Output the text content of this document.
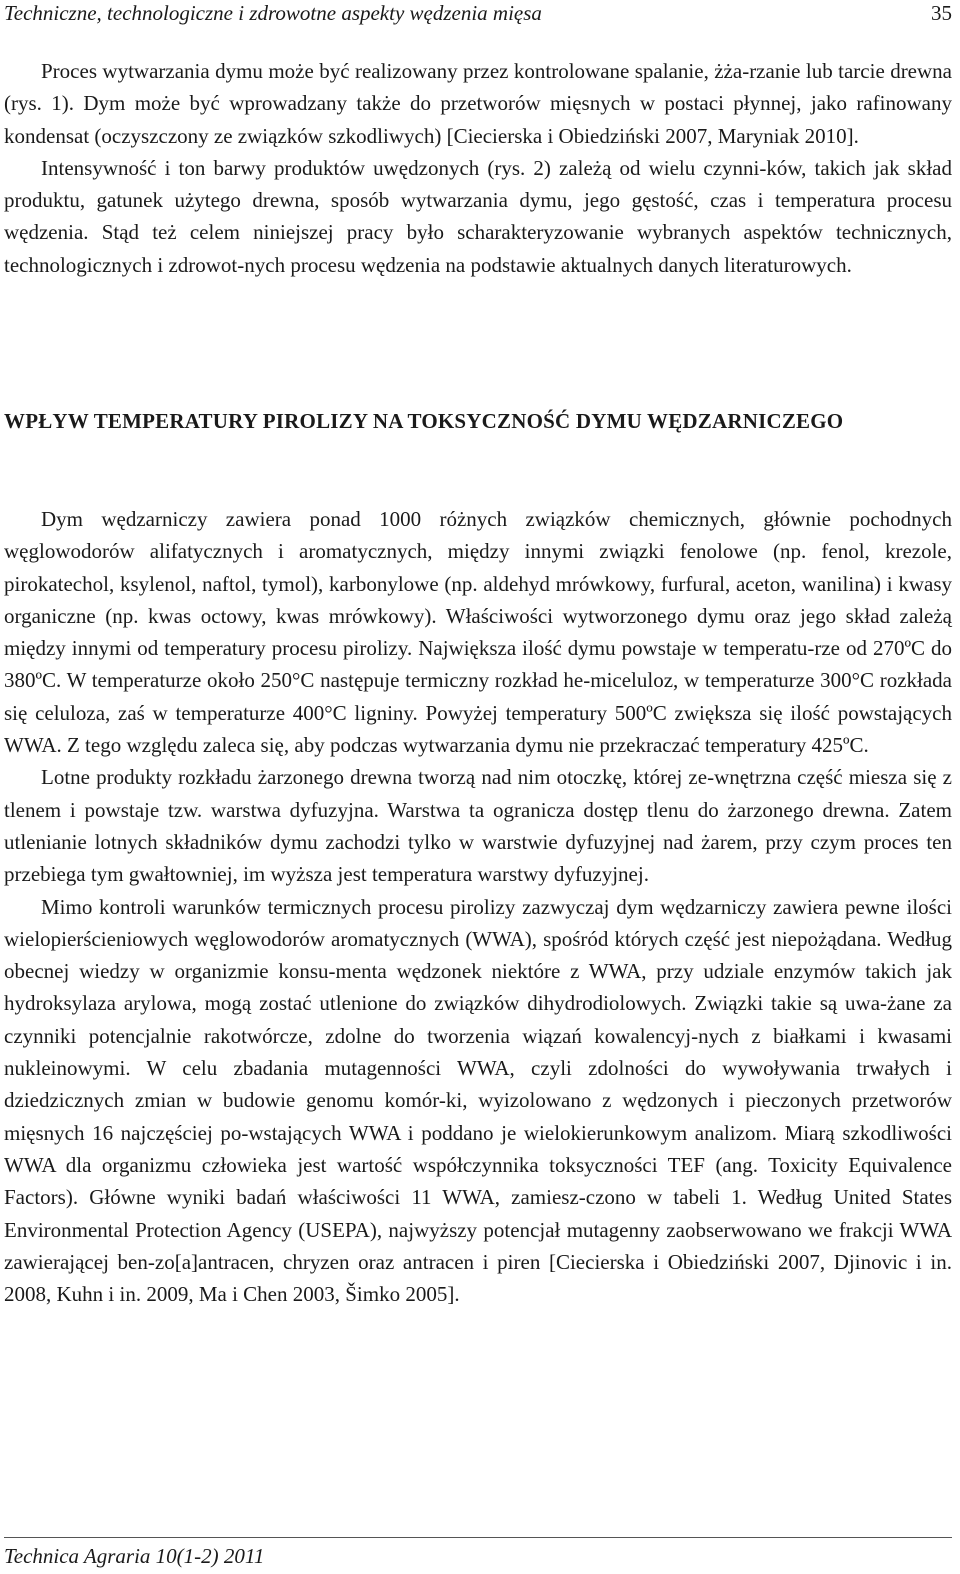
Techniczne, technologiczne i zdrowotne aspekty wędzenia mięsa	35

Proces wytwarzania dymu może być realizowany przez kontrolowane spalanie, żża-rzanie lub tarcie drewna (rys. 1). Dym może być wprowadzany także do przetworów mięsnych w postaci płynnej, jako rafinowany kondensat (oczyszczony ze związków szkodliwych) [Ciecierska i Obiedziński 2007, Maryniak 2010].

Intensywność i ton barwy produktów uwędzonych (rys. 2) zależą od wielu czynni-ków, takich jak skład produktu, gatunek użytego drewna, sposób wytwarzania dymu, jego gęstość, czas i temperatura procesu wędzenia. Stąd też celem niniejszej pracy było scharakteryzowanie wybranych aspektów technicznych, technologicznych i zdrowot-nych procesu wędzenia na podstawie aktualnych danych literaturowych.

WPŁYW TEMPERATURY PIROLIZY NA TOKSYCZNOŚĆ DYMU WĘDZARNICZEGO

Dym wędzarniczy zawiera ponad 1000 różnych związków chemicznych, głównie pochodnych węglowodorów alifatycznych i aromatycznych, między innymi związki fenolowe (np. fenol, krezole, pirokatechol, ksylenol, naftol, tymol), karbonylowe (np. aldehyd mrówkowy, furfural, aceton, wanilina) i kwasy organiczne (np. kwas octowy, kwas mrówkowy). Właściwości wytworzonego dymu oraz jego skład zależą między innymi od temperatury procesu pirolizy. Największa ilość dymu powstaje w temperatu-rze od 270ºC do 380ºC. W temperaturze około 250°C następuje termiczny rozkład he-miceluloz, w temperaturze 300°C rozkłada się celuloza, zaś w temperaturze 400°C ligniny. Powyżej temperatury 500ºC zwiększa się ilość powstających WWA. Z tego względu zaleca się, aby podczas wytwarzania dymu nie przekraczać temperatury 425ºC.

Lotne produkty rozkładu żarzonego drewna tworzą nad nim otoczkę, której ze-wnętrzna część miesza się z tlenem i powstaje tzw. warstwa dyfuzyjna. Warstwa ta ogranicza dostęp tlenu do żarzonego drewna. Zatem utlenianie lotnych składników dymu zachodzi tylko w warstwie dyfuzyjnej nad żarem, przy czym proces ten przebiega tym gwałtowniej, im wyższa jest temperatura warstwy dyfuzyjnej.

Mimo kontroli warunków termicznych procesu pirolizy zazwyczaj dym wędzarniczy zawiera pewne ilości wielopierścieniowych węglowodorów aromatycznych (WWA), spośród których część jest niepożądana. Według obecnej wiedzy w organizmie konsu-menta wędzonek niektóre z WWA, przy udziale enzymów takich jak hydroksylaza arylowa, mogą zostać utlenione do związków dihydrodiolowych. Związki takie są uwa-żane za czynniki potencjalnie rakotwórcze, zdolne do tworzenia wiązań kowalencyj-nych z białkami i kwasami nukleinowymi. W celu zbadania mutagenności WWA, czyli zdolności do wywoływania trwałych i dziedzicznych zmian w budowie genomu komór-ki, wyizolowano z wędzonych i pieczonych przetworów mięsnych 16 najczęściej po-wstających WWA i poddano je wielokierunkowym analizom. Miarą szkodliwości WWA dla organizmu człowieka jest wartość współczynnika toksyczności TEF (ang. Toxicity Equivalence Factors). Główne wyniki badań właściwości 11 WWA, zamiesz-czono w tabeli 1. Według United States Environmental Protection Agency (USEPA), najwyższy potencjał mutagenny zaobserwowano we frakcji WWA zawierającej ben-zo[a]antracen, chryzen oraz antracen i piren [Ciecierska i Obiedziński 2007, Djinovic i in. 2008, Kuhn i in. 2009, Ma i Chen 2003, Šimko 2005].

Technica Agraria 10(1-2) 2011
